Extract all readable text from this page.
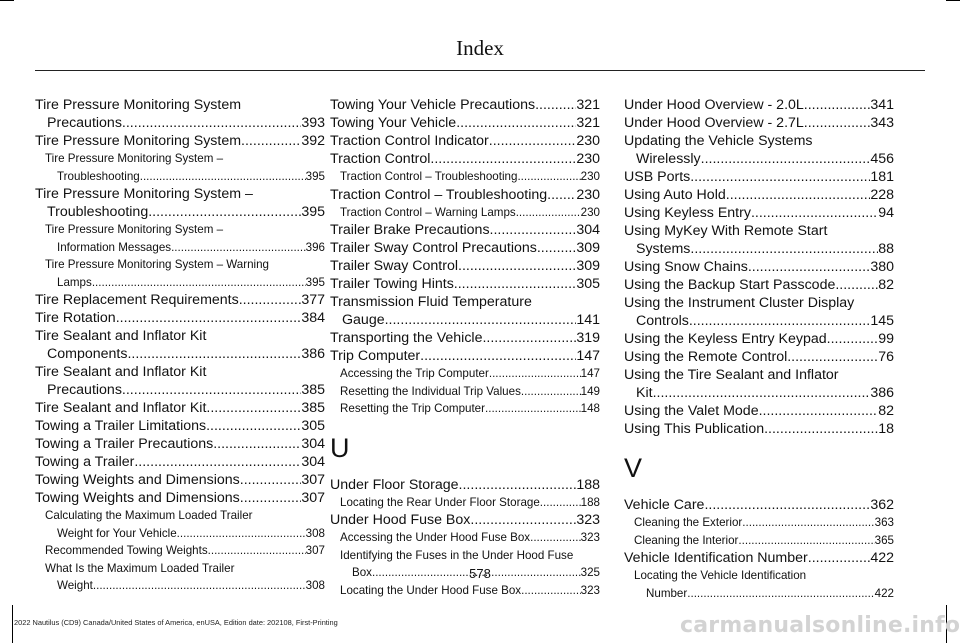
Index
Tire Pressure Monitoring System
Precautions .....	393
Tire Pressure Monitoring System .....	392
Tire Pressure Monitoring System –
Troubleshooting .....	395
Tire Pressure Monitoring System –
Troubleshooting .....	395
Tire Pressure Monitoring System –
Information Messages .....	396
Tire Pressure Monitoring System – Warning
Lamps .....	395
Tire Replacement Requirements .....	377
Tire Rotation .....	384
Tire Sealant and Inflator Kit
Components .....	386
Tire Sealant and Inflator Kit
Precautions .....	385
Tire Sealant and Inflator Kit .....	385
Towing a Trailer Limitations .....	305
Towing a Trailer Precautions .....	304
Towing a Trailer .....	304
Towing Weights and Dimensions .....	307
Towing Weights and Dimensions .....	307
Calculating the Maximum Loaded Trailer
Weight for Your Vehicle .....	308
Recommended Towing Weights .....	307
What Is the Maximum Loaded Trailer
Weight .....	308
Towing Your Vehicle Precautions .....	321
Towing Your Vehicle .....	321
Traction Control Indicator .....	230
Traction Control .....	230
Traction Control – Troubleshooting .....	230
Traction Control – Troubleshooting ..... 230
Traction Control – Warning Lamps .....	230
Trailer Brake Precautions .....	304
Trailer Sway Control Precautions .....	309
Trailer Sway Control .....	309
Trailer Towing Hints .....	305
Transmission Fluid Temperature
Gauge .....	141
Transporting the Vehicle .....	319
Trip Computer .....	147
Accessing the Trip Computer .....	147
Resetting the Individual Trip Values .....	149
Resetting the Trip Computer .....	148
U
Under Floor Storage .....	188
Locating the Rear Under Floor Storage .....	188
Under Hood Fuse Box .....	323
Accessing the Under Hood Fuse Box .....	323
Identifying the Fuses in the Under Hood Fuse
Box .....	325
Locating the Under Hood Fuse Box .....	323
Under Hood Overview - 2.0L .....	341
Under Hood Overview - 2.7L .....	343
Updating the Vehicle Systems
Wirelessly .....	456
USB Ports .....	181
Using Auto Hold .....	228
Using Keyless Entry .....	94
Using MyKey With Remote Start
Systems .....	88
Using Snow Chains .....	380
Using the Backup Start Passcode .....	82
Using the Instrument Cluster Display
Controls .....	145
Using the Keyless Entry Keypad .....	99
Using the Remote Control .....	76
Using the Tire Sealant and Inflator
Kit .....	386
Using the Valet Mode .....	82
Using This Publication .....	18
V
Vehicle Care .....	362
Cleaning the Exterior .....	363
Cleaning the Interior .....	365
Vehicle Identification Number .....	422
Locating the Vehicle Identification
Number .....	422
578
2022 Nautilus (CD9) Canada/United States of America, enUSA, Edition date: 202108, First-Printing	carmanualsonline.info
